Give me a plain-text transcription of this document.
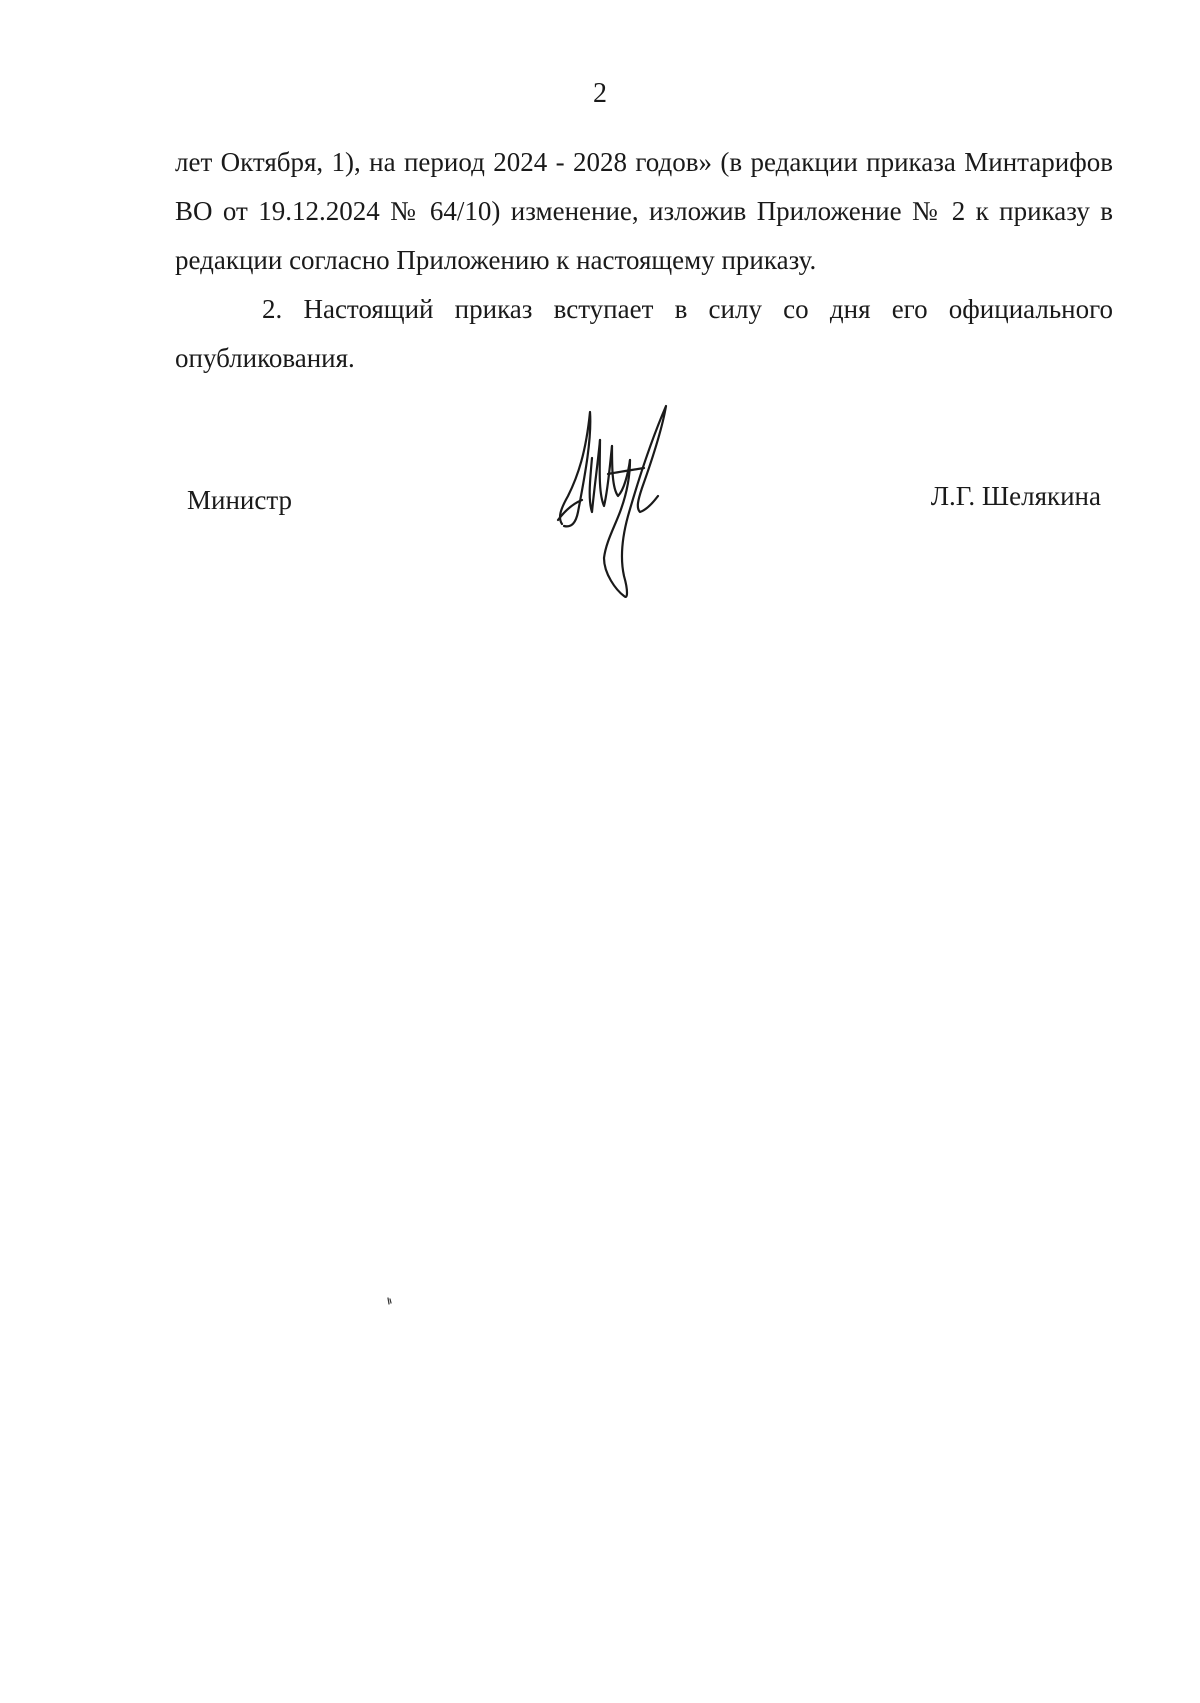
2

лет Октября, 1), на период 2024 - 2028 годов» (в редакции приказа Минтарифов ВО от 19.12.2024 № 64/10) изменение, изложив Приложение № 2 к приказу в редакции согласно Приложению к настоящему приказу.

2. Настоящий приказ вступает в силу со дня его официального опубликования.

Министр	Л.Г. Шелякина
